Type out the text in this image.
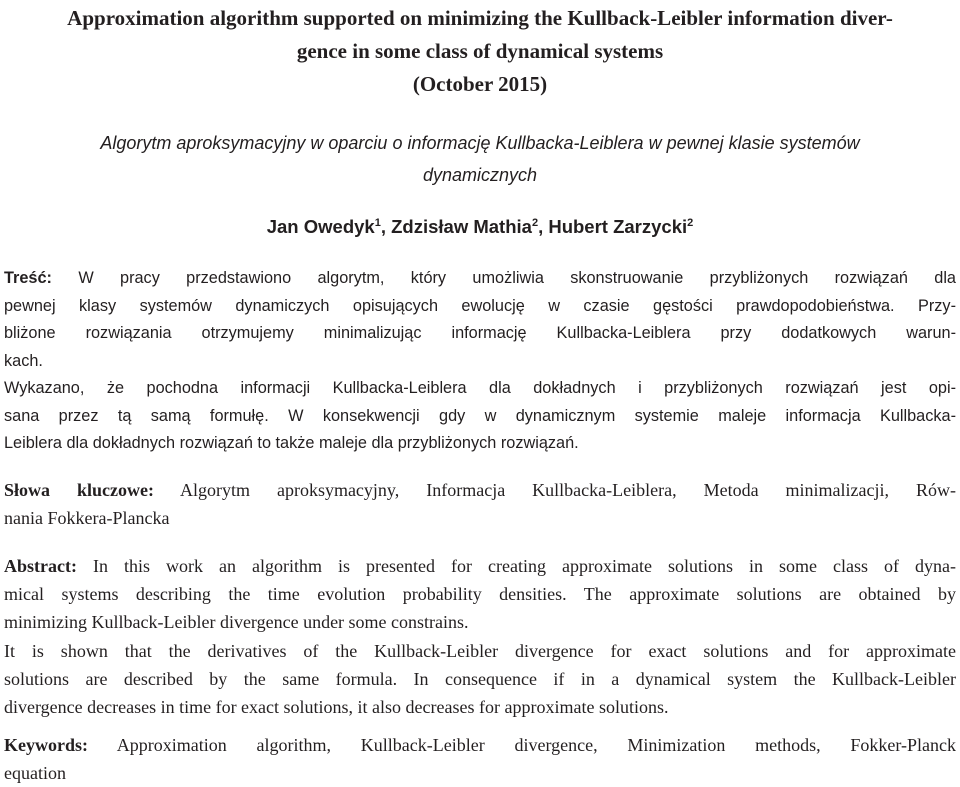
Approximation algorithm supported on minimizing the Kullback-Leibler information diver-
gence in some class of dynamical systems
(October 2015)
Algorytm aproksymacyjny w oparciu o informację Kullbacka-Leiblera w pewnej klasie systemów
dynamicznych
Jan Owedyk$^1$, Zdzisław Mathia$^2$, Hubert Zarzycki$^2$
Treść: W pracy przedstawiono algorytm, który umożliwia skonstruowanie przybliżonych rozwiązań dla
pewnej klasy systemów dynamiczych opisujących ewolucję w czasie gęstości prawdopodobieństwa. Przy-
bliżone rozwiązania otrzymujemy minimalizując informację Kullbacka-Leiblera przy dodatkowych warun-
kach.
Wykazano, że pochodna informacji Kullbacka-Leiblera dla dokładnych i przybliżonych rozwiązań jest opi-
sana przez tą samą formułę. W konsekwencji gdy w dynamicznym systemie maleje informacja Kullbacka-
Leiblera dla dokładnych rozwiązań to także maleje dla przybliżonych rozwiązań.
Słowa kluczowe: Algorytm aproksymacyjny, Informacja Kullbacka-Leiblera, Metoda minimalizacji, Rów-
nania Fokkera-Plancka
Abstract: In this work an algorithm is presented for creating approximate solutions in some class of dyna-
mical systems describing the time evolution probability densities. The approximate solutions are obtained by
minimizing Kullback-Leibler divergence under some constrains.
It is shown that the derivatives of the Kullback-Leibler divergence for exact solutions and for approximate
solutions are described by the same formula. In consequence if in a dynamical system the Kullback-Leibler
divergence decreases in time for exact solutions, it also decreases for approximate solutions.
Keywords: Approximation algorithm, Kullback-Leibler divergence, Minimization methods, Fokker-Planck
equation
